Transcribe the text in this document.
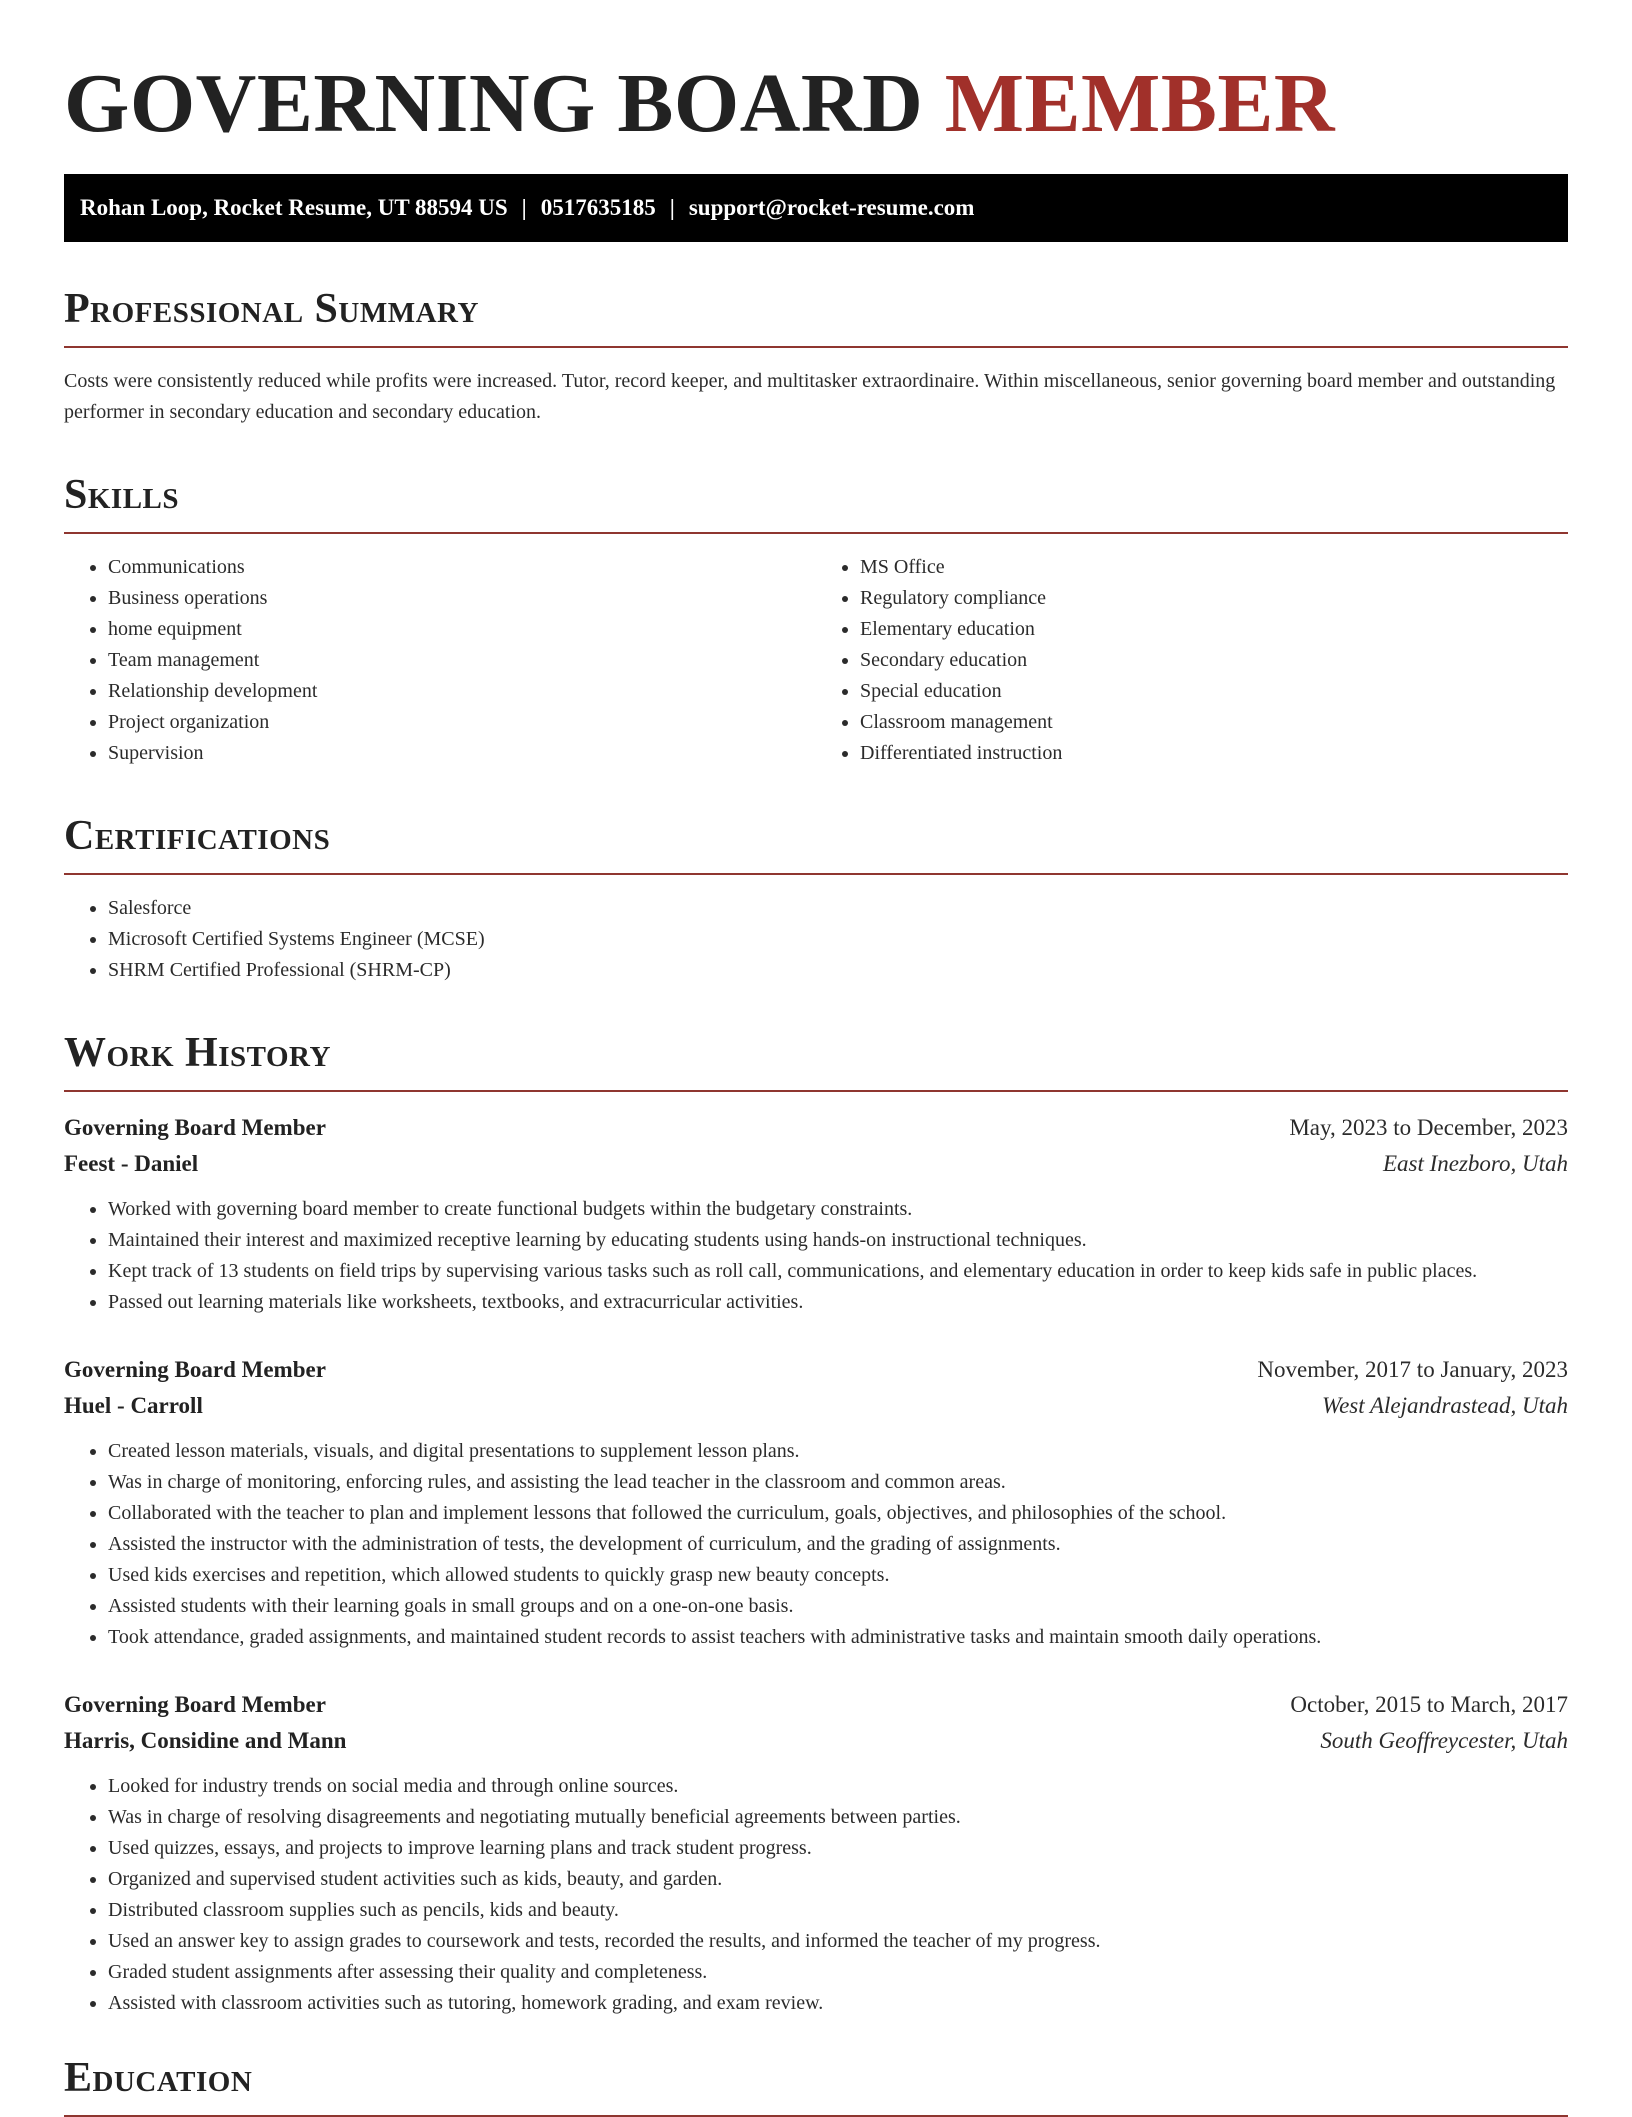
GOVERNING BOARD MEMBER
Rohan Loop, Rocket Resume, UT 88594 US | 0517635185 | support@rocket-resume.com
Professional Summary

Costs were consistently reduced while profits were increased. Tutor, record keeper, and multitasker extraordinaire. Within miscellaneous, senior governing board member and outstanding performer in secondary education and secondary education.

Skills
• Communications
• Business operations
• home equipment
• Team management
• Relationship development
• Project organization
• Supervision
• MS Office
• Regulatory compliance
• Elementary education
• Secondary education
• Special education
• Classroom management
• Differentiated instruction
Certifications
• Salesforce
• Microsoft Certified Systems Engineer (MCSE)
• SHRM Certified Professional (SHRM-CP)
Work History
Governing Board Member	May, 2023 to December, 2023
Feest - Daniel	East Inezboro, Utah
• Worked with governing board member to create functional budgets within the budgetary constraints.
• Maintained their interest and maximized receptive learning by educating students using hands-on instructional techniques.
• Kept track of 13 students on field trips by supervising various tasks such as roll call, communications, and elementary education in order to keep kids safe in public places.
• Passed out learning materials like worksheets, textbooks, and extracurricular activities.
Governing Board Member	November, 2017 to January, 2023
Huel - Carroll	West Alejandrastead, Utah
• Created lesson materials, visuals, and digital presentations to supplement lesson plans.
• Was in charge of monitoring, enforcing rules, and assisting the lead teacher in the classroom and common areas.
• Collaborated with the teacher to plan and implement lessons that followed the curriculum, goals, objectives, and philosophies of the school.
• Assisted the instructor with the administration of tests, the development of curriculum, and the grading of assignments.
• Used kids exercises and repetition, which allowed students to quickly grasp new beauty concepts.
• Assisted students with their learning goals in small groups and on a one-on-one basis.
• Took attendance, graded assignments, and maintained student records to assist teachers with administrative tasks and maintain smooth daily operations.
Governing Board Member	October, 2015 to March, 2017
Harris, Considine and Mann	South Geoffreycester, Utah
• Looked for industry trends on social media and through online sources.
• Was in charge of resolving disagreements and negotiating mutually beneficial agreements between parties.
• Used quizzes, essays, and projects to improve learning plans and track student progress.
• Organized and supervised student activities such as kids, beauty, and garden.
• Distributed classroom supplies such as pencils, kids and beauty.
• Used an answer key to assign grades to coursework and tests, recorded the results, and informed the teacher of my progress.
• Graded student assignments after assessing their quality and completeness.
• Assisted with classroom activities such as tutoring, homework grading, and exam review.
Education
